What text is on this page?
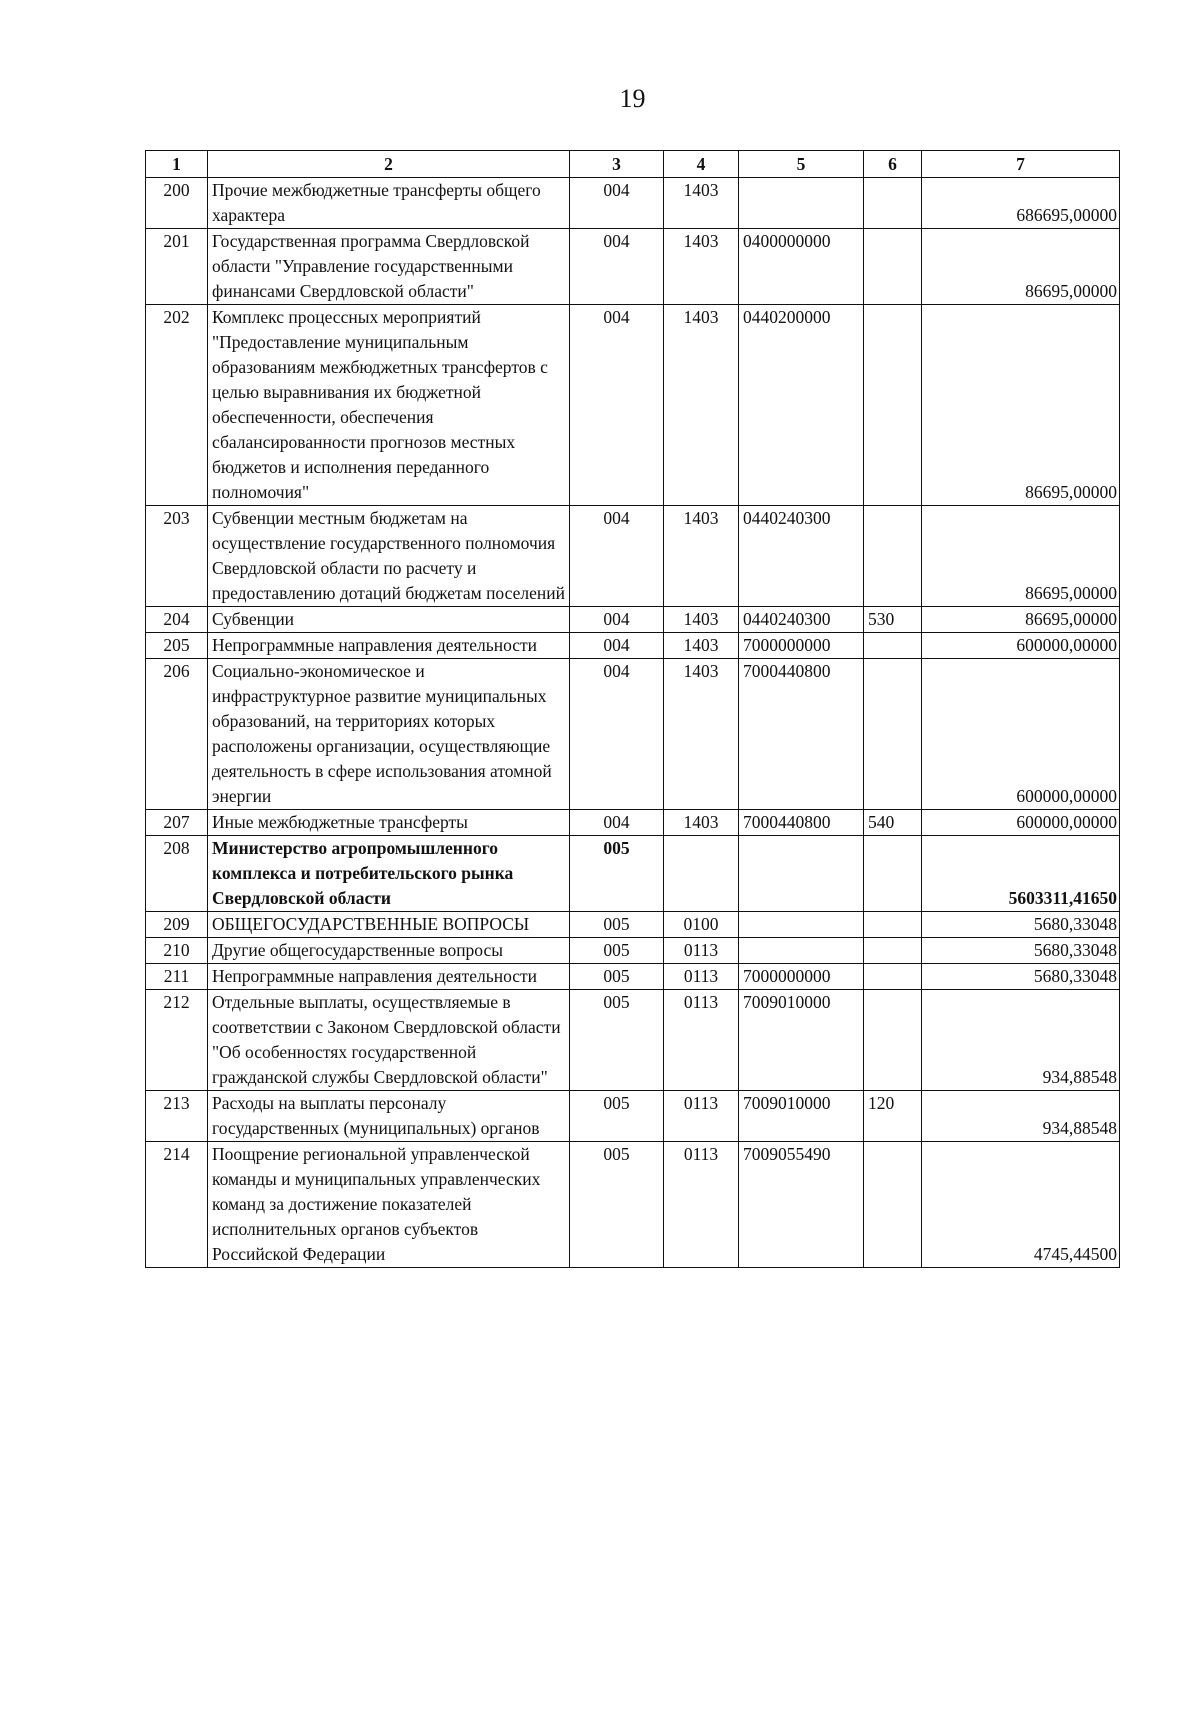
19
1	2	3	4	5	6	7
200	Прочие межбюджетные трансферты общего характера	004	1403			686695,00000
201	Государственная программа Свердловской области "Управление государственными финансами Свердловской области"	004	1403	0400000000		86695,00000
202	Комплекс процессных мероприятий "Предоставление муниципальным образованиям межбюджетных трансфертов с целью выравнивания их бюджетной обеспеченности, обеспечения сбалансированности прогнозов местных бюджетов и исполнения переданного полномочия"	004	1403	0440200000		86695,00000
203	Субвенции местным бюджетам на осуществление государственного полномочия Свердловской области по расчету и предоставлению дотаций бюджетам поселений	004	1403	0440240300		86695,00000
204	Субвенции	004	1403	0440240300	530	86695,00000
205	Непрограммные направления деятельности	004	1403	7000000000		600000,00000
206	Социально-экономическое и инфраструктурное развитие муниципальных образований, на территориях которых расположены организации, осуществляющие деятельность в сфере использования атомной энергии	004	1403	7000440800		600000,00000
207	Иные межбюджетные трансферты	004	1403	7000440800	540	600000,00000
208	Министерство агропромышленного комплекса и потребительского рынка Свердловской области	005				5603311,41650
209	ОБЩЕГОСУДАРСТВЕННЫЕ ВОПРОСЫ	005	0100			5680,33048
210	Другие общегосударственные вопросы	005	0113			5680,33048
211	Непрограммные направления деятельности	005	0113	7000000000		5680,33048
212	Отдельные выплаты, осуществляемые в соответствии с Законом Свердловской области "Об особенностях государственной гражданской службы Свердловской области"	005	0113	7009010000		934,88548
213	Расходы на выплаты персоналу государственных (муниципальных) органов	005	0113	7009010000	120	934,88548
214	Поощрение региональной управленческой команды и муниципальных управленческих команд за достижение показателей исполнительных органов субъектов Российской Федерации	005	0113	7009055490		4745,44500
